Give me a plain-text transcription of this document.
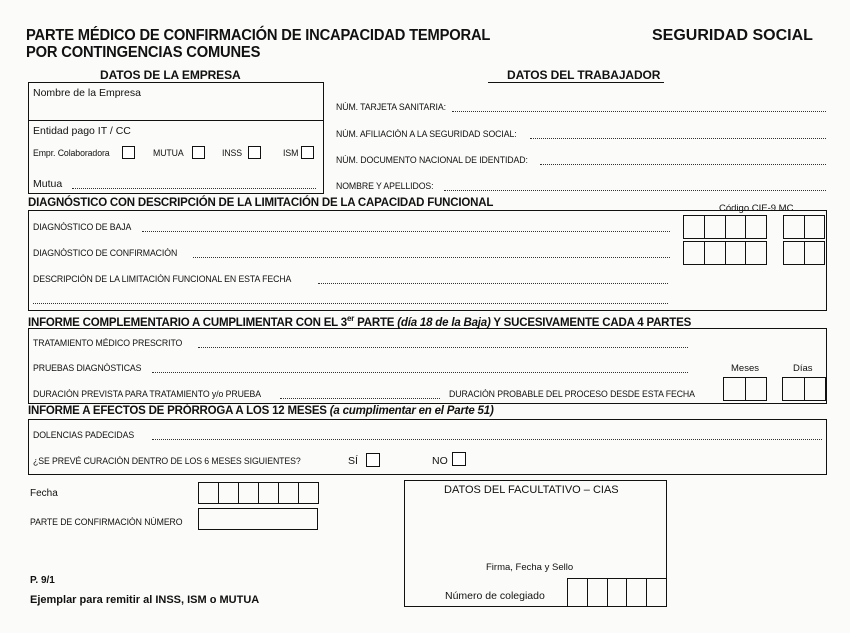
PARTE MÉDICO DE CONFIRMACIÓN DE INCAPACIDAD TEMPORAL
POR CONTINGENCIAS COMUNES
SEGURIDAD SOCIAL
DATOS DE LA EMPRESA
Nombre de la Empresa
Entidad pago IT / CC
Empr. Colaboradora	MUTUA	INSS	ISM
Mutua
DATOS DEL TRABAJADOR
NÚM. TARJETA SANITARIA:
NÚM. AFILIACIÓN A LA SEGURIDAD SOCIAL:
NÚM. DOCUMENTO NACIONAL DE IDENTIDAD:
NOMBRE Y APELLIDOS:
DIAGNÓSTICO CON DESCRIPCIÓN DE LA LIMITACIÓN DE LA CAPACIDAD FUNCIONAL	Código CIE-9 MC
DIAGNÓSTICO DE BAJA
DIAGNÓSTICO DE CONFIRMACIÓN
DESCRIPCIÓN DE LA LIMITACIÓN FUNCIONAL EN ESTA FECHA
INFORME COMPLEMENTARIO A CUMPLIMENTAR CON EL 3er PARTE (día 18 de la Baja) Y SUCESIVAMENTE CADA 4 PARTES
TRATAMIENTO MÉDICO PRESCRITO
PRUEBAS DIAGNÓSTICAS	Meses	Días
DURACIÓN PREVISTA PARA TRATAMIENTO y/o PRUEBA	DURACIÓN PROBABLE DEL PROCESO DESDE ESTA FECHA
INFORME A EFECTOS DE PRÓRROGA A LOS 12 MESES (a cumplimentar en el Parte 51)
DOLENCIAS PADECIDAS
¿SE PREVÉ CURACIÓN DENTRO DE LOS 6 MESES SIGUIENTES?	SÍ	NO
Fecha
PARTE DE CONFIRMACIÓN NÚMERO
P. 9/1
Ejemplar para remitir al INSS, ISM o MUTUA
DATOS DEL FACULTATIVO – CIAS
Firma, Fecha y Sello
Número de colegiado
